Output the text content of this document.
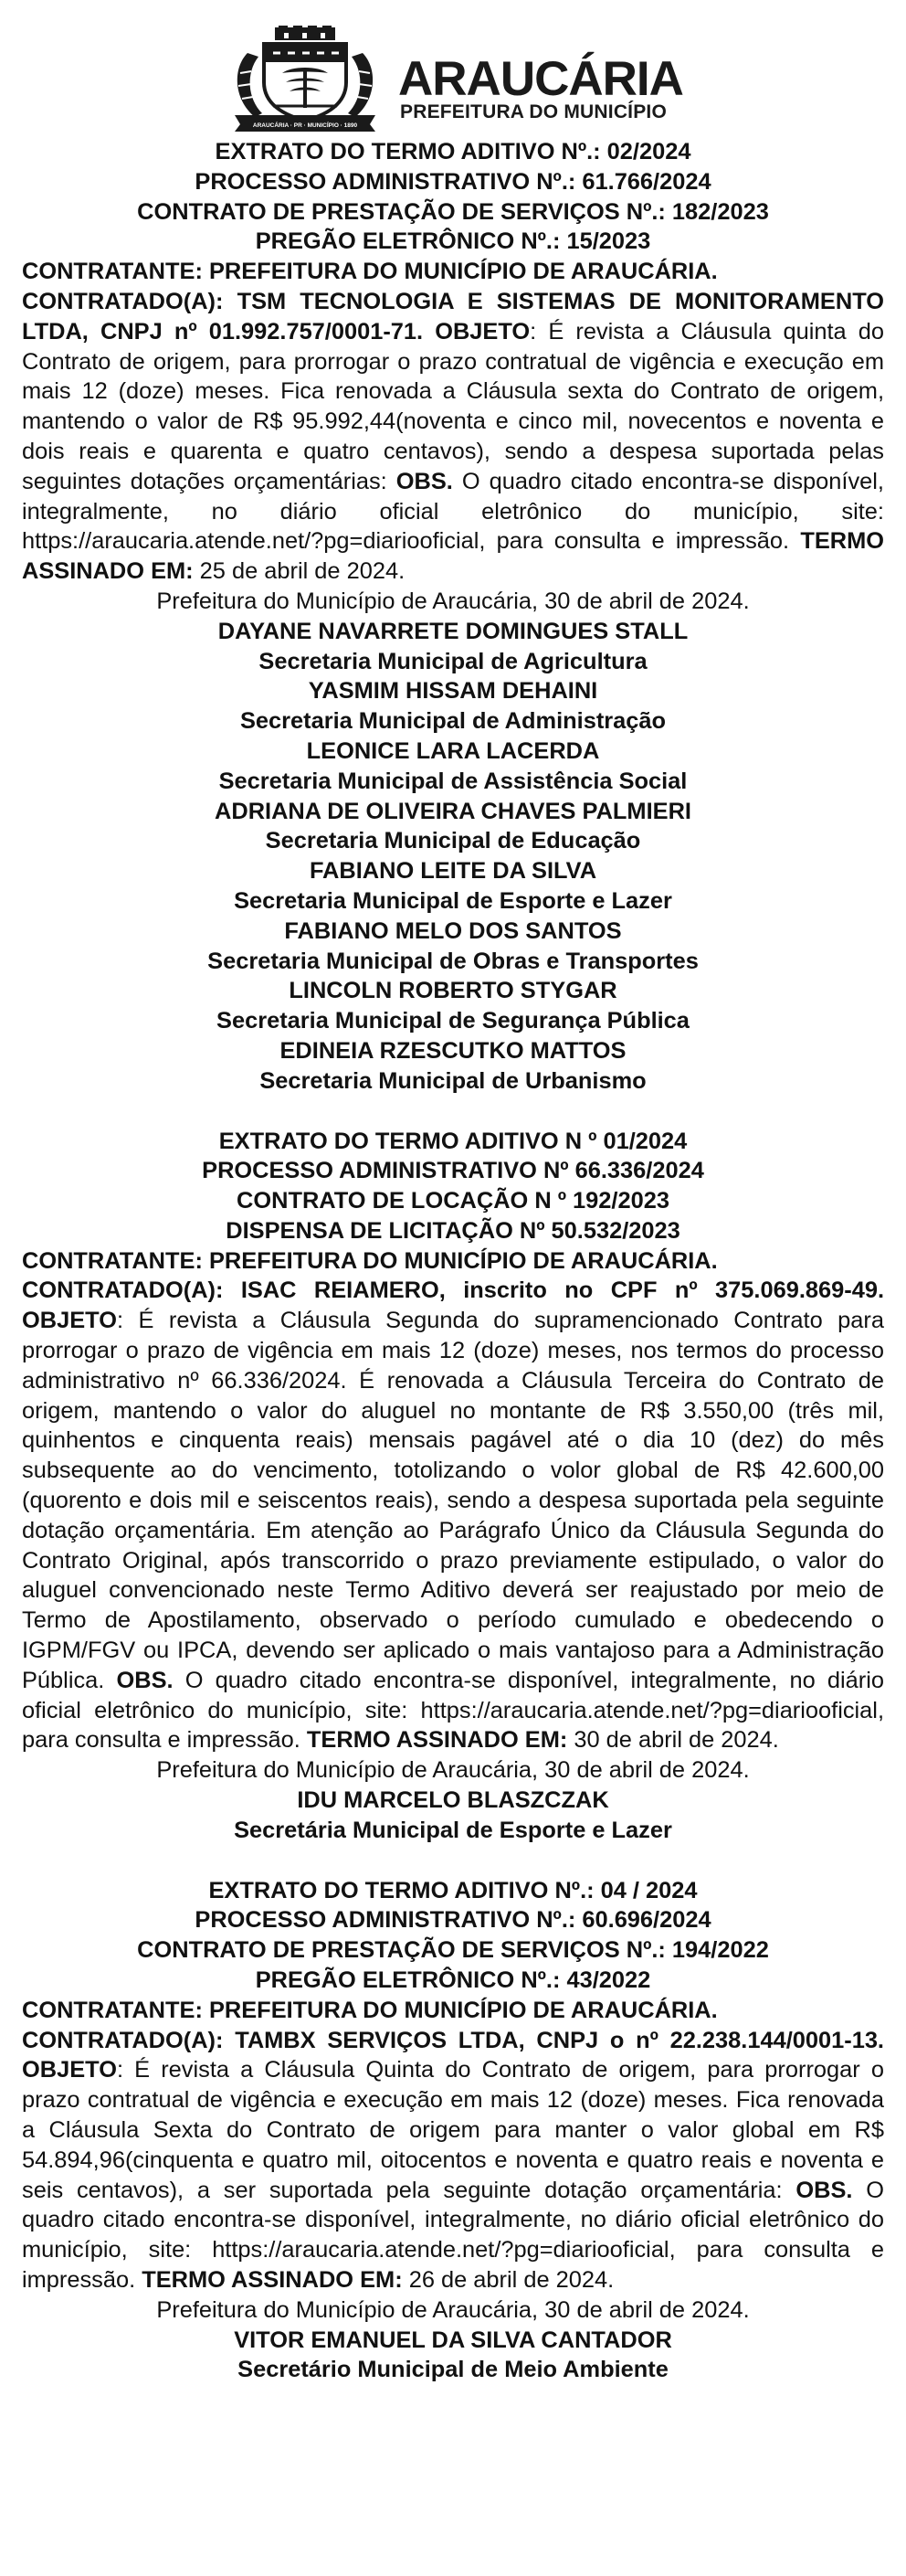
ARAUCÁRIA · PR · MUNICÍPIO · 1890
ARAUCÁRIA
PREFEITURA DO MUNICÍPIO

EXTRATO DO TERMO ADITIVO Nº.: 02/2024

PROCESSO ADMINISTRATIVO Nº.: 61.766/2024

CONTRATO DE PRESTAÇÃO DE SERVIÇOS Nº.: 182/2023

PREGÃO ELETRÔNICO Nº.: 15/2023

CONTRATANTE: PREFEITURA DO MUNICÍPIO DE ARAUCÁRIA.

CONTRATADO(A): TSM TECNOLOGIA E SISTEMAS DE MONITORAMENTO LTDA, CNPJ nº 01.992.757/0001-71. OBJETO: É revista a Cláusula quinta do Contrato de origem, para prorrogar o prazo contratual de vigência e execução em mais 12 (doze) meses. Fica renovada a Cláusula sexta do Contrato de origem, mantendo o valor de R$ 95.992,44(noventa e cinco mil, novecentos e noventa e dois reais e quarenta e quatro centavos), sendo a despesa suportada pelas seguintes dotações orçamentárias: OBS. O quadro citado encontra-se disponível, integralmente, no diário oficial eletrônico do município, site: https://araucaria.atende.net/?pg=diariooficial, para consulta e impressão. TERMO ASSINADO EM: 25 de abril de 2024.

Prefeitura do Município de Araucária, 30 de abril de 2024.

DAYANE NAVARRETE DOMINGUES STALL

Secretaria Municipal de Agricultura

YASMIM HISSAM DEHAINI

Secretaria Municipal de Administração

LEONICE LARA LACERDA

Secretaria Municipal de Assistência Social

ADRIANA DE OLIVEIRA CHAVES PALMIERI

Secretaria Municipal de Educação

FABIANO LEITE DA SILVA

Secretaria Municipal de Esporte e Lazer

FABIANO MELO DOS SANTOS

Secretaria Municipal de Obras e Transportes

LINCOLN ROBERTO STYGAR

Secretaria Municipal de Segurança Pública

EDINEIA RZESCUTKO MATTOS

Secretaria Municipal de Urbanismo

EXTRATO DO TERMO ADITIVO N º 01/2024

PROCESSO ADMINISTRATIVO Nº 66.336/2024

CONTRATO DE LOCAÇÃO N º 192/2023

DISPENSA DE LICITAÇÃO Nº 50.532/2023

CONTRATANTE: PREFEITURA DO MUNICÍPIO DE ARAUCÁRIA.

CONTRATADO(A): ISAC REIAMERO, inscrito no CPF nº 375.069.869-49. OBJETO: É revista a Cláusula Segunda do supramencionado Contrato para prorrogar o prazo de vigência em mais 12 (doze) meses, nos termos do processo administrativo nº 66.336/2024. É renovada a Cláusula Terceira do Contrato de origem, mantendo o valor do aluguel no montante de R$ 3.550,00 (três mil, quinhentos e cinquenta reais) mensais pagável até o dia 10 (dez) do mês subsequente ao do vencimento, totolizando o volor global de R$ 42.600,00 (quorento e dois mil e seiscentos reais), sendo a despesa suportada pela seguinte dotação orçamentária. Em atenção ao Parágrafo Único da Cláusula Segunda do Contrato Original, após transcorrido o prazo previamente estipulado, o valor do aluguel convencionado neste Termo Aditivo deverá ser reajustado por meio de Termo de Apostilamento, observado o período cumulado e obedecendo o IGPM/FGV ou IPCA, devendo ser aplicado o mais vantajoso para a Administração Pública. OBS. O quadro citado encontra-se disponível, integralmente, no diário oficial eletrônico do município, site: https://araucaria.atende.net/?pg=diariooficial, para consulta e impressão. TERMO ASSINADO EM: 30 de abril de 2024.

Prefeitura do Município de Araucária, 30 de abril de 2024.

IDU MARCELO BLASZCZAK

Secretária Municipal de Esporte e Lazer

EXTRATO DO TERMO ADITIVO Nº.: 04 / 2024

PROCESSO ADMINISTRATIVO Nº.: 60.696/2024

CONTRATO DE PRESTAÇÃO DE SERVIÇOS Nº.: 194/2022

PREGÃO ELETRÔNICO Nº.: 43/2022

CONTRATANTE: PREFEITURA DO MUNICÍPIO DE ARAUCÁRIA.

CONTRATADO(A): TAMBX SERVIÇOS LTDA, CNPJ o nº 22.238.144/0001-13. OBJETO: É revista a Cláusula Quinta do Contrato de origem, para prorrogar o prazo contratual de vigência e execução em mais 12 (doze) meses. Fica renovada a Cláusula Sexta do Contrato de origem para manter o valor global em R$ 54.894,96(cinquenta e quatro mil, oitocentos e noventa e quatro reais e noventa e seis centavos), a ser suportada pela seguinte dotação orçamentária: OBS. O quadro citado encontra-se disponível, integralmente, no diário oficial eletrônico do município, site: https://araucaria.atende.net/?pg=diariooficial, para consulta e impressão. TERMO ASSINADO EM: 26 de abril de 2024.

Prefeitura do Município de Araucária, 30 de abril de 2024.

VITOR EMANUEL DA SILVA CANTADOR

Secretário Municipal de Meio Ambiente
